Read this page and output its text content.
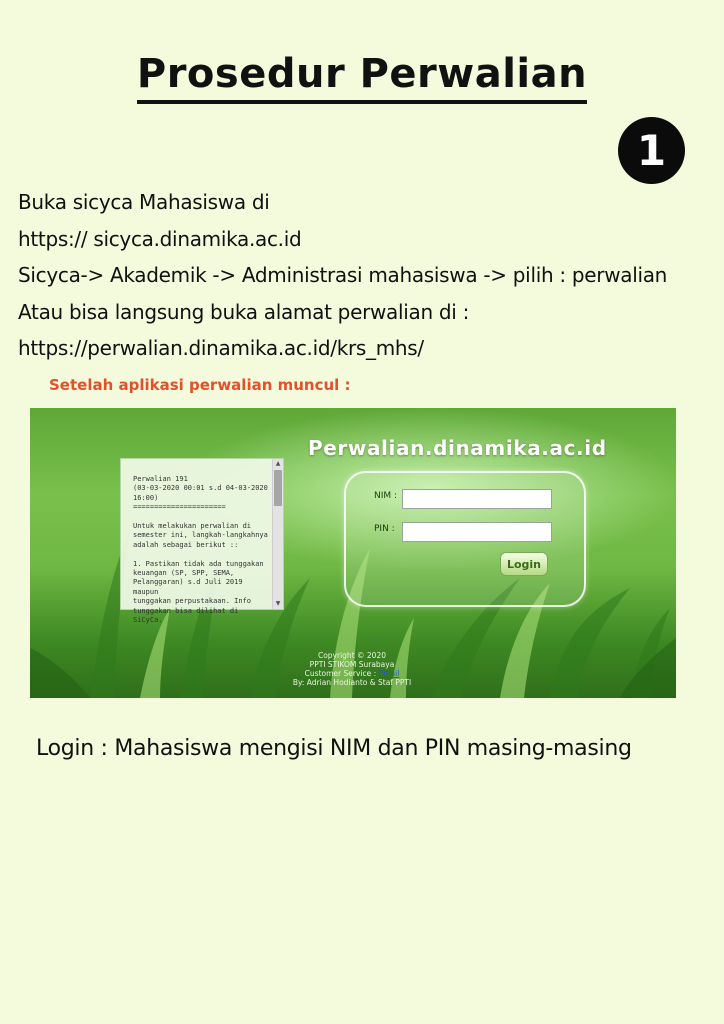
Prosedur Perwalian
1
Buka sicyca Mahasiswa di
https:// sicyca.dinamika.ac.id
Sicyca-> Akademik -> Administrasi mahasiswa -> pilih : perwalian
Atau bisa langsung buka alamat perwalian di :
https://perwalian.dinamika.ac.id/krs_mhs/
Setelah aplikasi perwalian muncul :
Perwalian.dinamika.ac.id
Perwalian 191
(03-03-2020 00:01 s.d 04-03-2020
16:00)
======================

Untuk melakukan perwalian di
semester ini, langkah-langkahnya
adalah sebagai berikut ::

1. Pastikan tidak ada tunggakan
keuangan (SP, SPP, SEMA,
Pelanggaran) s.d Juli 2019 maupun
tunggakan perpustakaan. Info
tunggakan bisa dilihat di SiCyCa.
▲
▼
NIM :
PIN :
Login
Copyright © 2020
PPTI STIKOM Surabaya
Customer Service : Email
By: Adrian Hodianto & Staf PPTI
Login : Mahasiswa mengisi NIM dan PIN masing-masing
